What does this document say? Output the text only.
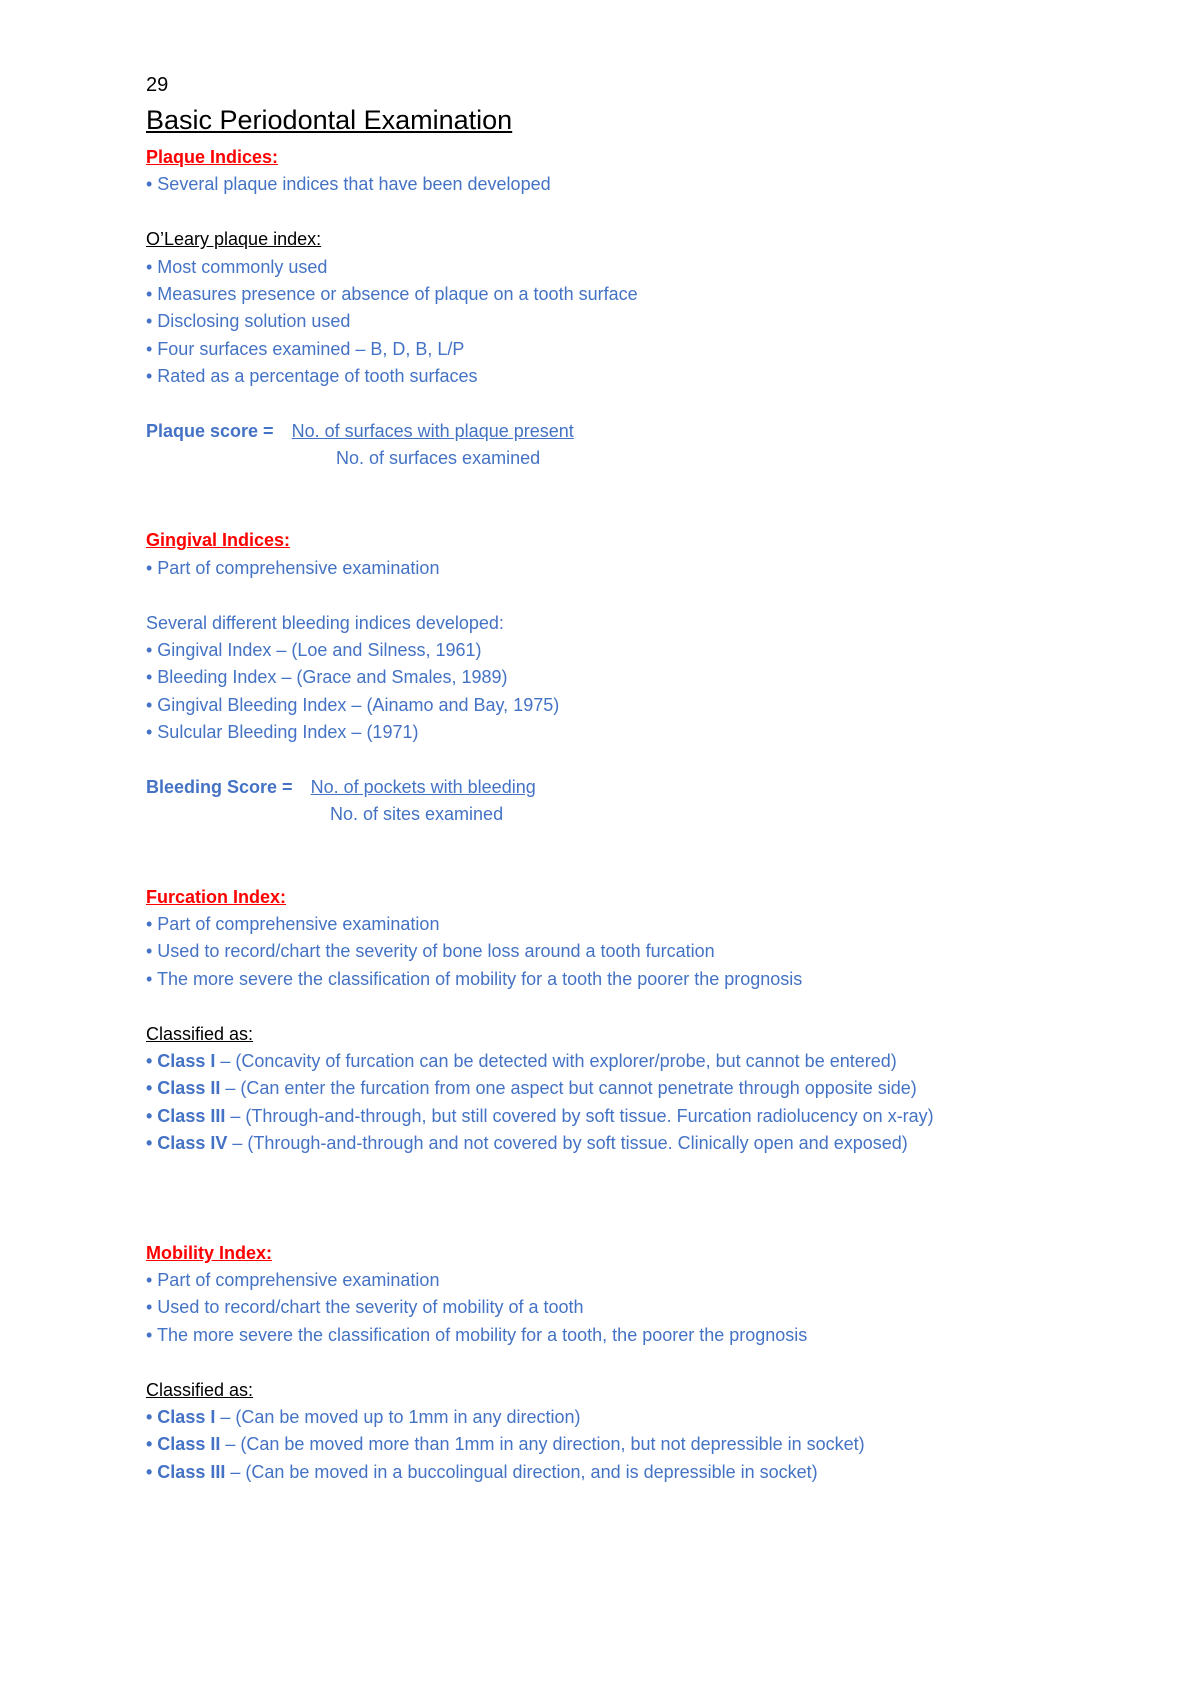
29
Basic Periodontal Examination
Plaque Indices:
• Several plaque indices that have been developed
O’Leary plaque index:
• Most commonly used
• Measures presence or absence of plaque on a tooth surface
• Disclosing solution used
• Four surfaces examined – B, D, B, L/P
• Rated as a percentage of tooth surfaces
Plaque score = No. of surfaces with plaque present
No. of surfaces examined
Gingival Indices:
• Part of comprehensive examination
Several different bleeding indices developed:
• Gingival Index – (Loe and Silness, 1961)
• Bleeding Index – (Grace and Smales, 1989)
• Gingival Bleeding Index – (Ainamo and Bay, 1975)
• Sulcular Bleeding Index – (1971)
Bleeding Score = No. of pockets with bleeding
No. of sites examined
Furcation Index:
• Part of comprehensive examination
• Used to record/chart the severity of bone loss around a tooth furcation
• The more severe the classification of mobility for a tooth the poorer the prognosis
Classified as:
• Class I – (Concavity of furcation can be detected with explorer/probe, but cannot be entered)
• Class II – (Can enter the furcation from one aspect but cannot penetrate through opposite side)
• Class III – (Through-and-through, but still covered by soft tissue. Furcation radiolucency on x-ray)
• Class IV – (Through-and-through and not covered by soft tissue. Clinically open and exposed)
Mobility Index:
• Part of comprehensive examination
• Used to record/chart the severity of mobility of a tooth
• The more severe the classification of mobility for a tooth, the poorer the prognosis
Classified as:
• Class I – (Can be moved up to 1mm in any direction)
• Class II – (Can be moved more than 1mm in any direction, but not depressible in socket)
• Class III – (Can be moved in a buccolingual direction, and is depressible in socket)
